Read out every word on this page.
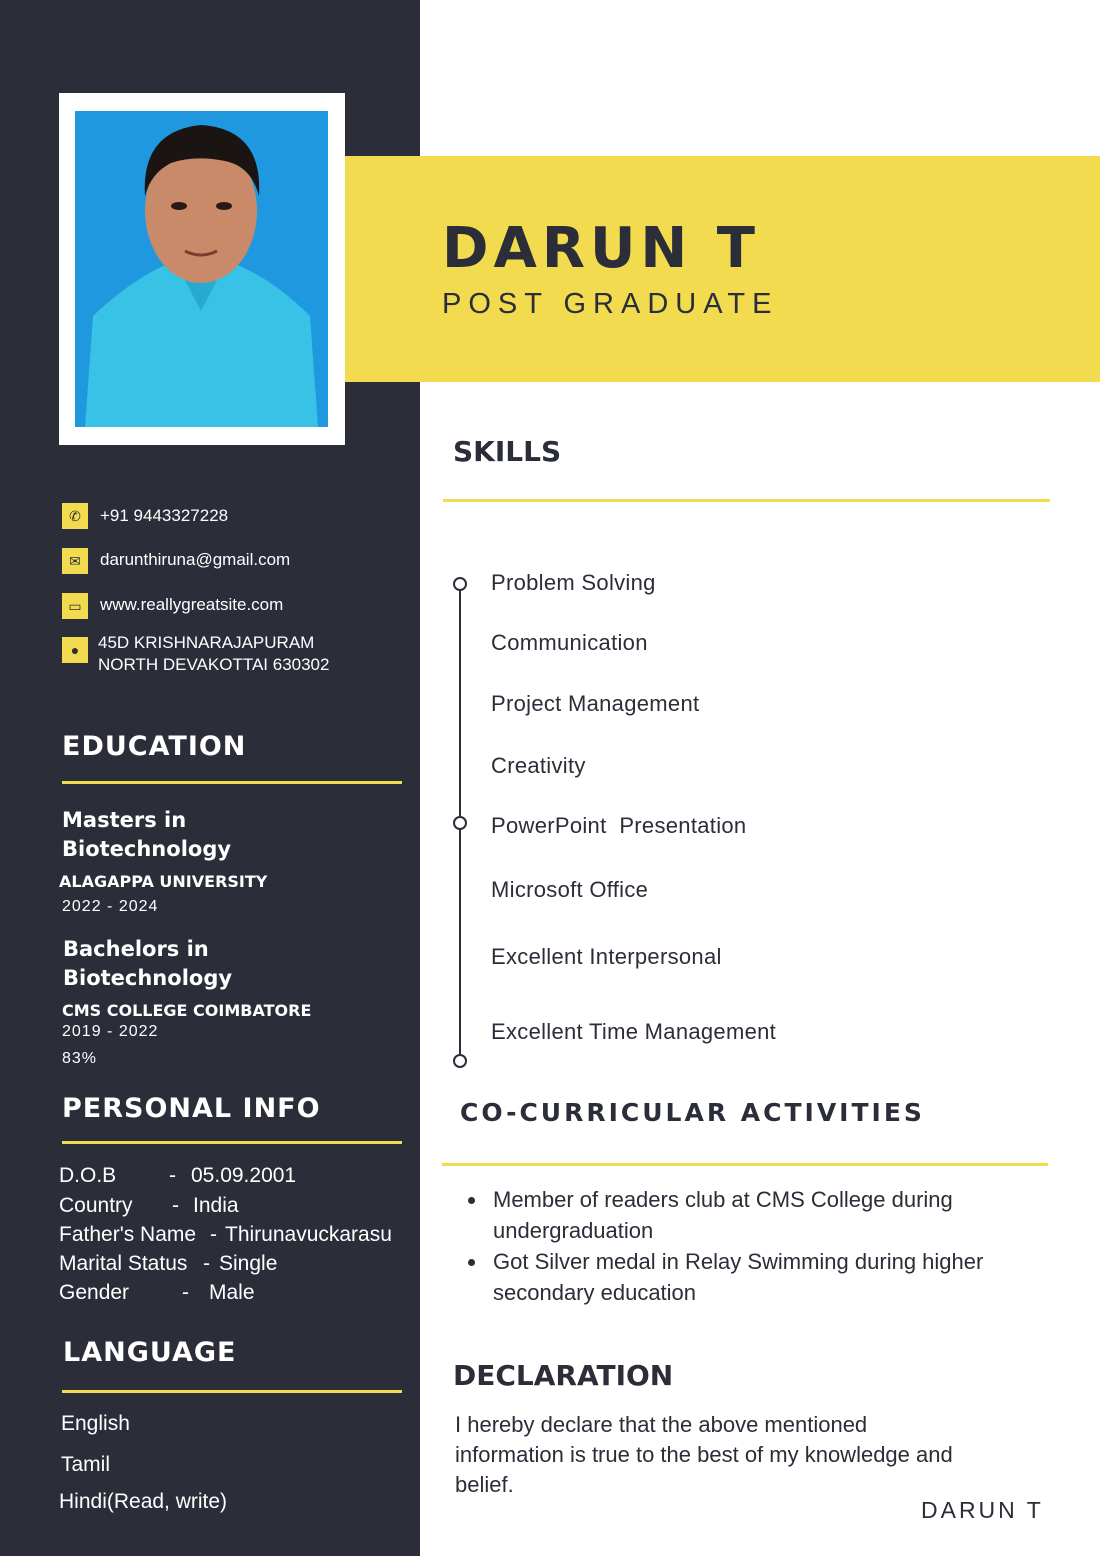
✆	+91 9443327228
✉	darunthiruna@gmail.com
▭	www.reallygreatsite.com
●	45D KRISHNARAJAPURAM
NORTH DEVAKOTTAI 630302
EDUCATION
Masters in
Biotechnology
ALAGAPPA UNIVERSITY
2022 - 2024
Bachelors in
Biotechnology
CMS COLLEGE COIMBATORE
2019 - 2022
83%
PERSONAL INFO
D.O.B	- 05.09.2001
Country - India
Father's Name - Thirunavuckarasu
Marital Status - Single
Gender	- Male
LANGUAGE
English
Tamil
Hindi(Read, write)
DARUN T
POST GRADUATE
SKILLS
Problem Solving
Communication
Project Management
Creativity
PowerPoint  Presentation
Microsoft Office
Excellent Interpersonal
Excellent Time Management
CO-CURRICULAR ACTIVITIES
Member of readers club at CMS College during undergraduation
Got Silver medal in Relay Swimming during higher secondary education
DECLARATION
I hereby declare that the above mentioned information is true to the best of my knowledge and belief.
DARUN T
